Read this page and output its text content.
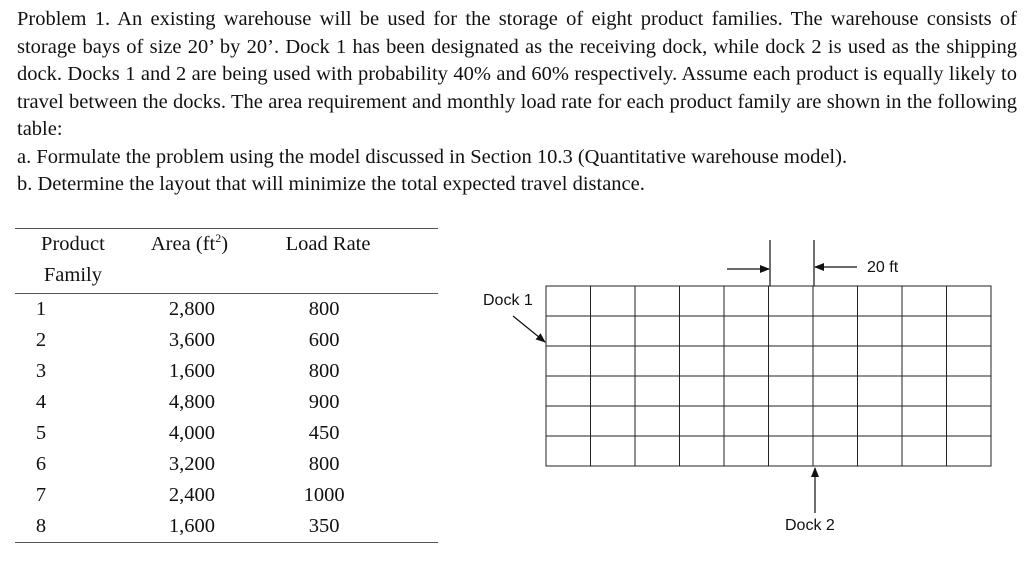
Problem 1. An existing warehouse will be used for the storage of eight product families. The warehouse consists of storage bays of size 20’ by 20’. Dock 1 has been designated as the receiving dock, while dock 2 is used as the shipping dock. Docks 1 and 2 are being used with probability 40% and 60% respectively. Assume each product is equally likely to travel between the docks. The area requirement and monthly load rate for each product family are shown in the following table:

a. Formulate the problem using the model discussed in Section 10.3 (Quantitative warehouse model).
b. Determine the layout that will minimize the total expected travel distance.
Product
Family	Area $(ft^2)$	Load Rate
1	2,800	800
2	3,600	600
3	1,600	800
4	4,800	900
5	4,000	450
6	3,200	800
7	2,400	1000
8	1,600	350
20 ft
Dock 1
Dock 2
